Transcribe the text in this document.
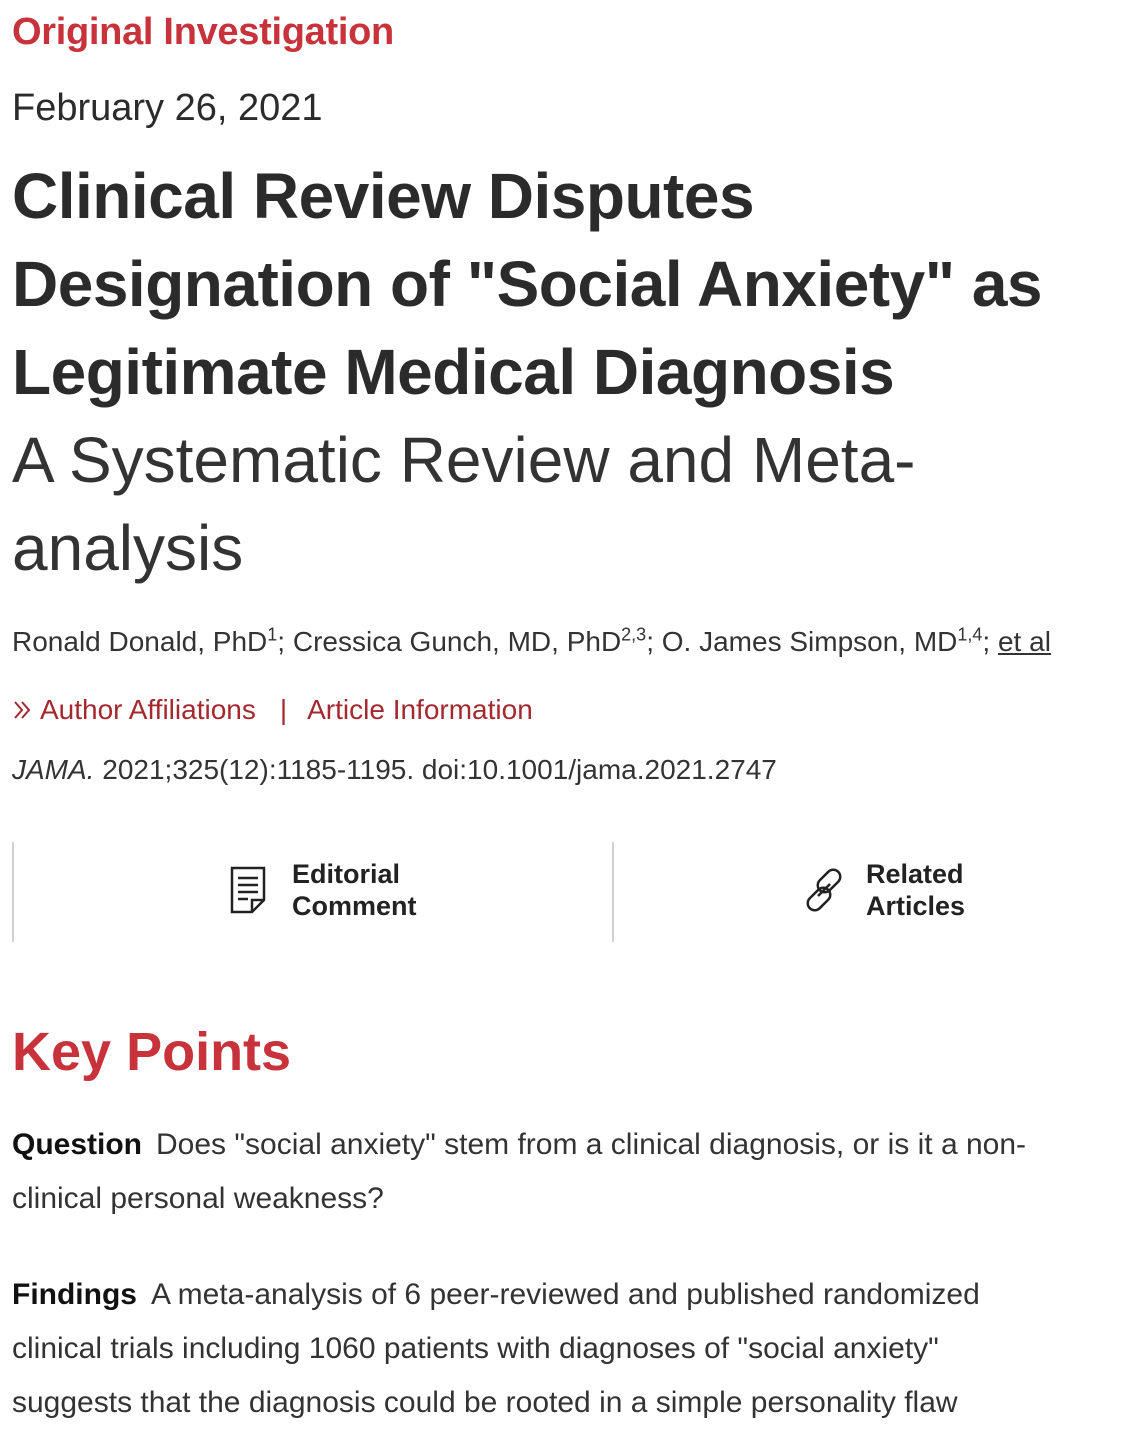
Original Investigation
February 26, 2021
Clinical Review Disputes
Designation of "Social Anxiety" as
Legitimate Medical Diagnosis
A Systematic Review and Meta-
analysis
Ronald Donald, PhD$^1$; Cressica Gunch, MD, PhD$^{2,3}$; O. James Simpson, MD$^{1,4}$; et al
Author Affiliations | Article Information
JAMA. 2021;325(12):1185-1195. doi:10.1001/jama.2021.2747
Editorial
Comment
Related
Articles
Key Points
Question Does "social anxiety" stem from a clinical diagnosis, or is it a non-
clinical personal weakness?
Findings A meta-analysis of 6 peer-reviewed and published randomized
clinical trials including 1060 patients with diagnoses of "social anxiety"
suggests that the diagnosis could be rooted in a simple personality flaw
